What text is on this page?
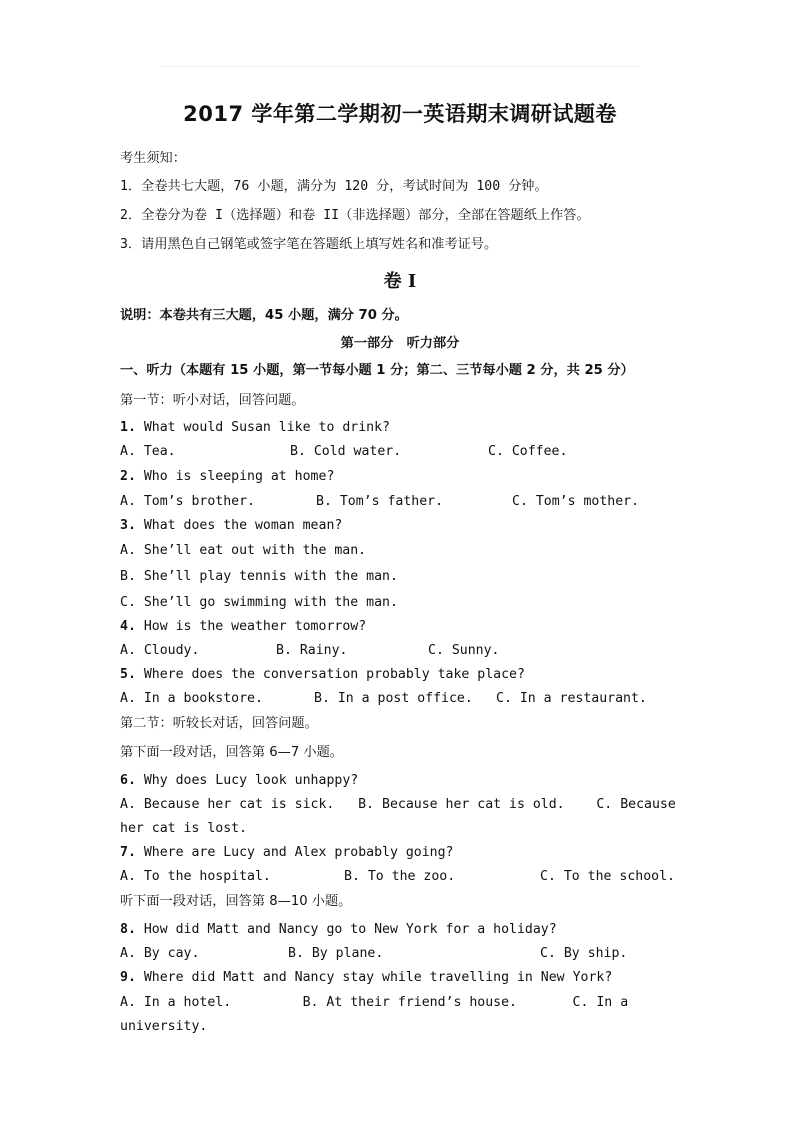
2017 学年第二学期初一英语期末调研试题卷
考生须知：
1．全卷共七大题，76 小题，满分为 120 分，考试时间为 100 分钟。
2．全卷分为卷 I（选择题）和卷 II（非选择题）部分，全部在答题纸上作答。
3．请用黑色自己钢笔或签字笔在答题纸上填写姓名和准考证号。
卷 I
说明：本卷共有三大题，45 小题，满分 70 分。
第一部分　听力部分
一、听力（本题有 15 小题，第一节每小题 1 分；第二、三节每小题 2 分，共 25 分）
第一节：听小对话，回答问题。
1. What would Susan like to drink?

A. Tea.

	B. Cold water.

	C. Coffee.

2. Who is sleeping at home?

A. Tom’s brother.

	B. Tom’s father.

	C. Tom’s mother.

3. What does the woman mean?
A. She’ll eat out with the man.
B. She’ll play tennis with the man.
C. She’ll go swimming with the man.
4. How is the weather tomorrow?

A. Cloudy.

	B. Rainy.

	C. Sunny.

5. Where does the conversation probably take place?

A. In a bookstore.

	B. In a post office.

C. In a restaurant.

第二节：听较长对话，回答问题。
第下面一段对话，回答第 6—7 小题。
6. Why does Lucy look unhappy?
A. Because her cat is sick.   B. Because her cat is old.    C. Because
her cat is lost.
7. Where are Lucy and Alex probably going?

A. To the hospital.

	B. To the zoo.

	C. To the school.

听下面一段对话，回答第 8—10 小题。
8. How did Matt and Nancy go to New York for a holiday?

A. By cay.

	B. By plane.

	C. By ship.

9. Where did Matt and Nancy stay while travelling in New York?
A. In a hotel.         B. At their friend’s house.       C. In a
university.
